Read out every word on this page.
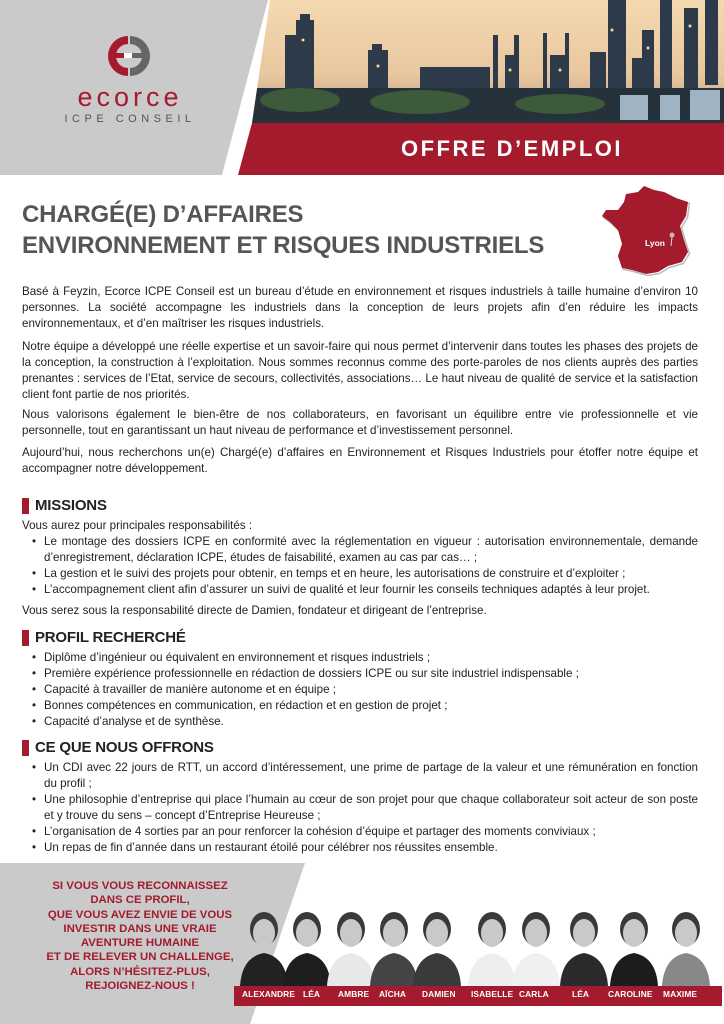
OFFRE D’EMPLOI
ecorce
ICPE CONSEIL
CHARGÉ(E) D’AFFAIRES
ENVIRONNEMENT ET RISQUES INDUSTRIELS	Lyon
Basé à Feyzin, Ecorce ICPE Conseil est un bureau d’étude en environnement et risques industriels à taille humaine d’environ 10 personnes. La société accompagne les industriels dans la conception de leurs projets afin d’en réduire les impacts environnementaux, et d’en maîtriser les risques industriels.
Notre équipe a développé une réelle expertise et un savoir-faire qui nous permet d’intervenir dans toutes les phases des projets de la conception, la construction à l’exploitation. Nous sommes reconnus comme des porte-paroles de nos clients auprès des parties prenantes : services de l’Etat, service de secours, collectivités, associations… Le haut niveau de qualité de service et la satisfaction client font partie de nos priorités.
Nous valorisons également le bien-être de nos collaborateurs, en favorisant un équilibre entre vie professionnelle et vie personnelle, tout en garantissant un haut niveau de performance et d’investissement personnel.
Aujourd’hui, nous recherchons un(e) Chargé(e) d’affaires en Environnement et Risques Industriels pour étoffer notre équipe et accompagner notre développement.
MISSIONS
Vous aurez pour principales responsabilités :
• Le montage des dossiers ICPE en conformité avec la réglementation en vigueur : autorisation environnementale, demande d’enregistrement, déclaration ICPE, études de faisabilité, examen au cas par cas… ;
• La gestion et le suivi des projets pour obtenir, en temps et en heure, les autorisations de construire et d’exploiter ;
• L’accompagnement client afin d’assurer un suivi de qualité et leur fournir les conseils techniques adaptés à leur projet.
Vous serez sous la responsabilité directe de Damien, fondateur et dirigeant de l’entreprise.
PROFIL RECHERCHÉ
• Diplôme d’ingénieur ou équivalent en environnement et risques industriels ;
• Première expérience professionnelle en rédaction de dossiers ICPE ou sur site industriel indispensable ;
• Capacité à travailler de manière autonome et en équipe ;
• Bonnes compétences en communication, en rédaction et en gestion de projet ;
• Capacité d’analyse et de synthèse.
CE QUE NOUS OFFRONS
• Un CDI avec 22 jours de RTT, un accord d’intéressement, une prime de partage de la valeur et une rémunération en fonction du profil ;
• Une philosophie d’entreprise qui place l’humain au cœur de son projet pour que chaque collaborateur soit acteur de son poste et y trouve du sens – concept d’Entreprise Heureuse ;
• L’organisation de 4 sorties par an pour renforcer la cohésion d’équipe et partager des moments conviviaux ;
• Un repas de fin d’année dans un restaurant étoilé pour célébrer nos réussites ensemble.
SI VOUS VOUS RECONNAISSEZ
DANS CE PROFIL,
QUE VOUS AVEZ ENVIE DE VOUS
INVESTIR DANS UNE VRAIE
AVENTURE HUMAINE
ET DE RELEVER UN CHALLENGE,
ALORS N’HÉSITEZ-PLUS,
REJOIGNEZ-NOUS !
ALEXANDRE LÉA AMBRE AÏCHA DAMIEN ISABELLE CARLA	LÉA CAROLINE MAXIME
